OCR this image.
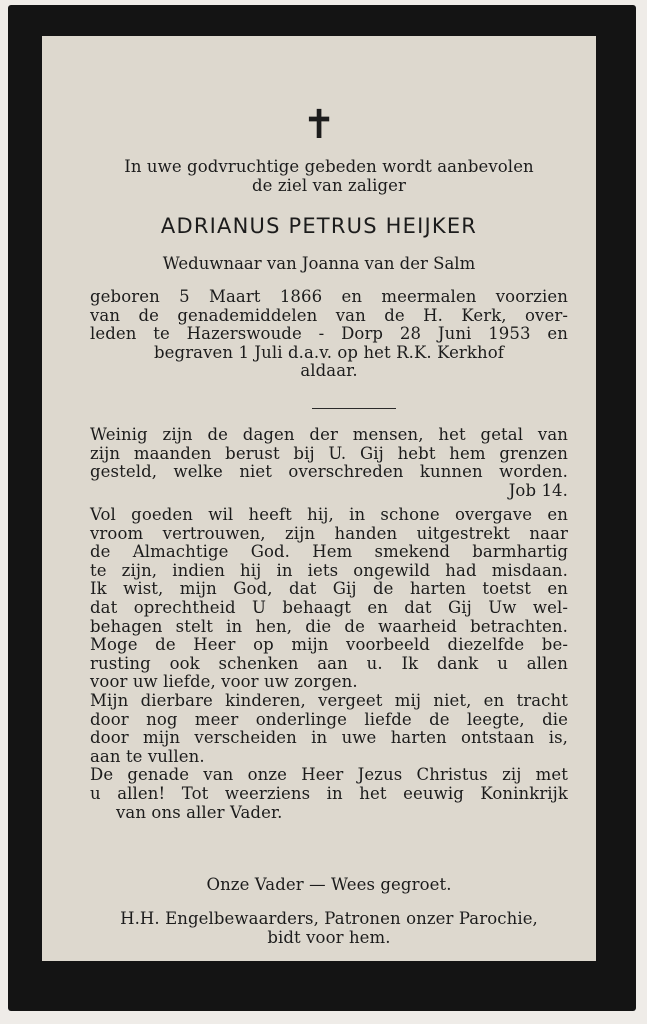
✝
In uwe godvruchtige gebeden wordt aanbevolen
de ziel van zaliger
ADRIANUS PETRUS HEIJKER
Weduwnaar van Joanna van der Salm
geboren 5 Maart 1866 en meermalen voorzien
van de genademiddelen van de H. Kerk, over-
leden te Hazerswoude - Dorp 28 Juni 1953 en
begraven 1 Juli d.a.v. op het R.K. Kerkhof
aldaar.
Weinig zijn de dagen der mensen, het getal van
zijn maanden berust bij U. Gij hebt hem grenzen
gesteld, welke niet overschreden kunnen worden.
Job 14.
Vol goeden wil heeft hij, in schone overgave en
vroom vertrouwen, zijn handen uitgestrekt naar
de Almachtige God. Hem smekend barmhartig
te zijn, indien hij in iets ongewild had misdaan.
Ik wist, mijn God, dat Gij de harten toetst en
dat oprechtheid U behaagt en dat Gij Uw wel-
behagen stelt in hen, die de waarheid betrachten.
Moge de Heer op mijn voorbeeld diezelfde be-
rusting ook schenken aan u. Ik dank u allen
voor uw liefde, voor uw zorgen.
Mijn dierbare kinderen, vergeet mij niet, en tracht
door nog meer onderlinge liefde de leegte, die
door mijn verscheiden in uwe harten ontstaan is,
aan te vullen.
De genade van onze Heer Jezus Christus zij met
u allen! Tot weerziens in het eeuwig Koninkrijk
van ons aller Vader.
Onze Vader — Wees gegroet.
H.H. Engelbewaarders, Patronen onzer Parochie,
bidt voor hem.
